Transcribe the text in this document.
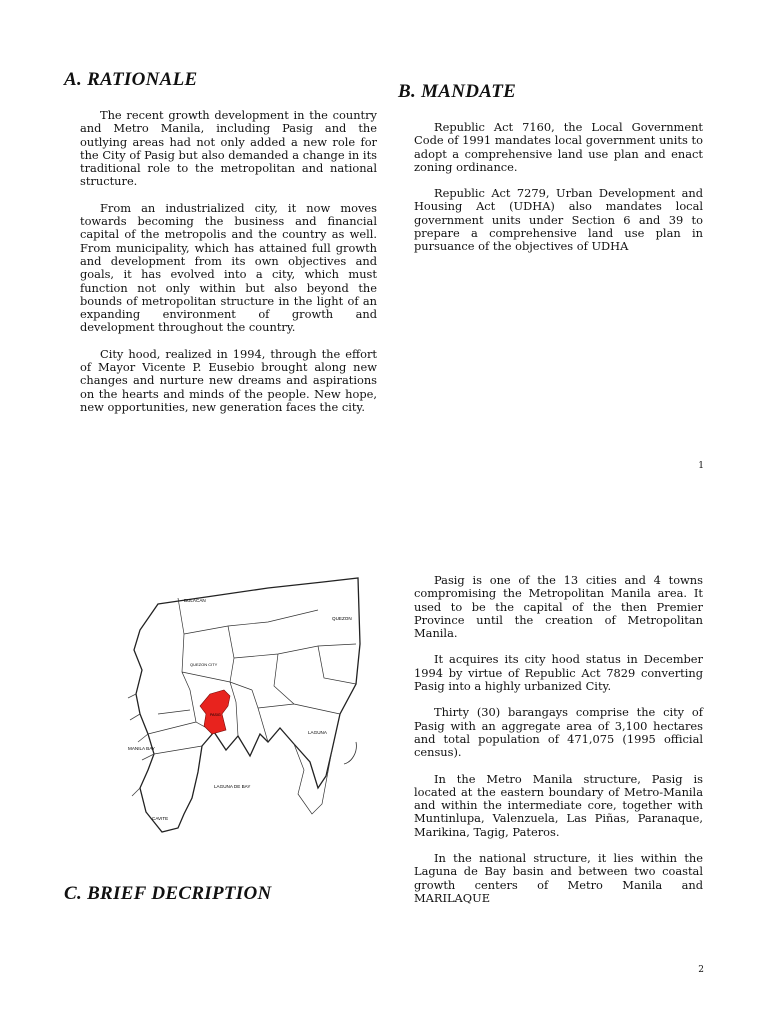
A. RATIONALE

The recent growth development in the country and Metro Manila, including Pasig and the outlying areas had not only added a new role for the City of Pasig but also demanded a change in its traditional role to the metropolitan and national structure.

From an industrialized city, it now moves towards becoming the business and financial capital of the metropolis and the country as well. From municipality, which has attained full growth and development from its own objectives and goals, it has evolved into a city, which must function not only within but also beyond the bounds of metropolitan structure in the light of an expanding environment of growth and development throughout the country.

City hood, realized in 1994, through the effort of Mayor Vicente P. Eusebio brought along new changes and nurture new dreams and aspirations on the hearts and minds of the people. New hope, new opportunities, new generation faces the city.

B. MANDATE

Republic Act 7160, the Local Government Code of 1991 mandates local government units to adopt a comprehensive land use plan and enact zoning ordinance.

Republic Act 7279, Urban Development and Housing Act (UDHA) also mandates local government units under Section 6 and 39 to prepare a comprehensive land use plan in pursuance of the objectives of UDHA

1
BULACAN
QUEZON
QUEZON CITY
PASIG
MANILA BAY
LAGUNA
LAGUNA DE BAY
CAVITE

Pasig is one of the 13 cities and 4 towns compromising the Metropolitan Manila area. It used to be the capital of the then Premier Province until the creation of Metropolitan Manila.

It acquires its city hood status in December 1994 by virtue of Republic Act 7829 converting Pasig into a highly urbanized City.

Thirty (30) barangays comprise the city of Pasig with an aggregate area of 3,100 hectares and total population of 471,075 (1995 official census).

In the Metro Manila structure, Pasig is located at the eastern boundary of Metro-Manila and within the intermediate core, together with Muntinlupa, Valenzuela, Las Piñas, Paranaque, Marikina, Tagig, Pateros.

In the national structure, it lies within the Laguna de Bay basin and between two coastal growth centers of Metro Manila and MARILAQUE

C. BRIEF DECRIPTION
2
